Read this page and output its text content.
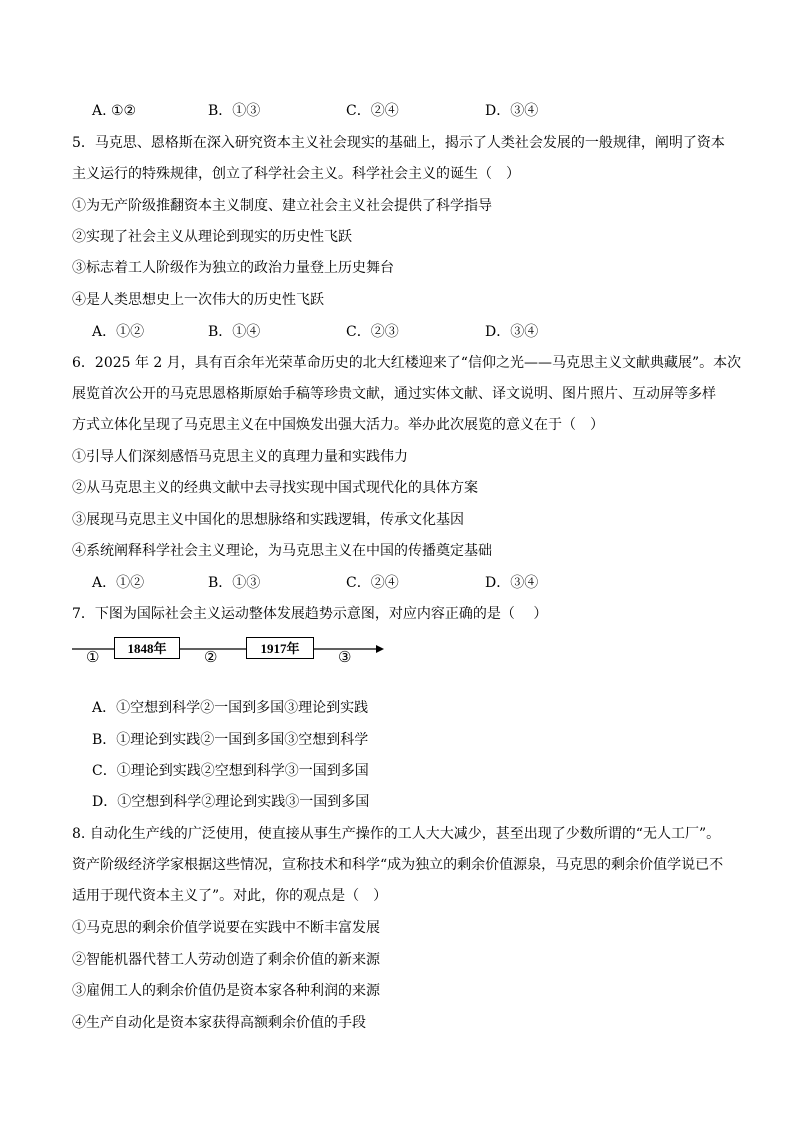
A. ①②	B．①③	C．②④	D．③④
5．马克思、恩格斯在深入研究资本主义社会现实的基础上，揭示了人类社会发展的一般规律，阐明了资本
主义运行的特殊规律，创立了科学社会主义。科学社会主义的诞生（　）
①为无产阶级推翻资本主义制度、建立社会主义社会提供了科学指导
②实现了社会主义从理论到现实的历史性飞跃
③标志着工人阶级作为独立的政治力量登上历史舞台
④是人类思想史上一次伟大的历史性飞跃
A．①②	B．①④	C．②③	D．③④
6．2025 年 2 月，具有百余年光荣革命历史的北大红楼迎来了“信仰之光——马克思主义文献典藏展”。本次
展览首次公开的马克思恩格斯原始手稿等珍贵文献，通过实体文献、译文说明、图片照片、互动屏等多样
方式立体化呈现了马克思主义在中国焕发出强大活力。举办此次展览的意义在于（　）
①引导人们深刻感悟马克思主义的真理力量和实践伟力
②从马克思主义的经典文献中去寻找实现中国式现代化的具体方案
③展现马克思主义中国化的思想脉络和实践逻辑，传承文化基因
④系统阐释科学社会主义理论，为马克思主义在中国的传播奠定基础
A．①②	B．①③	C．②④	D．③④
7．下图为国际社会主义运动整体发展趋势示意图，对应内容正确的是（　 ）
1848年	1917年
①	②	③
A．①空想到科学②一国到多国③理论到实践
B．①理论到实践②一国到多国③空想到科学
C．①理论到实践②空想到科学③一国到多国
D．①空想到科学②理论到实践③一国到多国
8. 自动化生产线的广泛使用，使直接从事生产操作的工人大大减少，甚至出现了少数所谓的“无人工厂”。
资产阶级经济学家根据这些情况，宣称技术和科学“成为独立的剩余价值源泉，马克思的剩余价值学说已不
适用于现代资本主义了”。对此，你的观点是（　）
①马克思的剩余价值学说要在实践中不断丰富发展
②智能机器代替工人劳动创造了剩余价值的新来源
③雇佣工人的剩余价值仍是资本家各种利润的来源
④生产自动化是资本家获得高额剩余价值的手段
